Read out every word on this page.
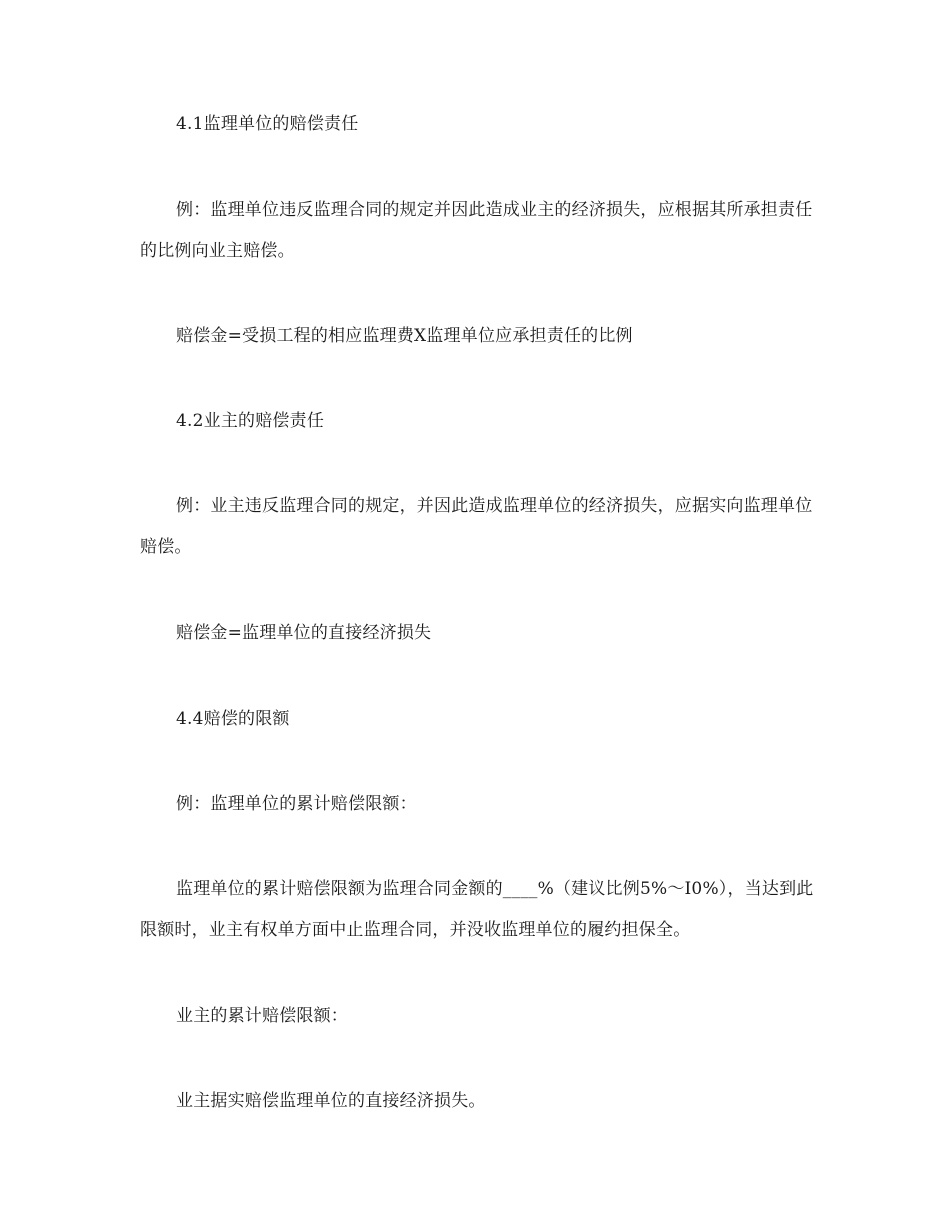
4.1监理单位的赔偿责任

例：监理单位违反监理合同的规定并因此造成业主的经济损失，应根据其所承担责任的比例向业主赔偿。

赔偿金=受损工程的相应监理费X监理单位应承担责任的比例

4.2业主的赔偿责任

例：业主违反监理合同的规定，并因此造成监理单位的经济损失，应据实向监理单位赔偿。

赔偿金=监理单位的直接经济损失

4.4赔偿的限额

例：监理单位的累计赔偿限额：

监理单位的累计赔偿限额为监理合同金额的____%（建议比例5%～I0%），当达到此限额时，业主有权单方面中止监理合同，并没收监理单位的履约担保全。

业主的累计赔偿限额：

业主据实赔偿监理单位的直接经济损失。
